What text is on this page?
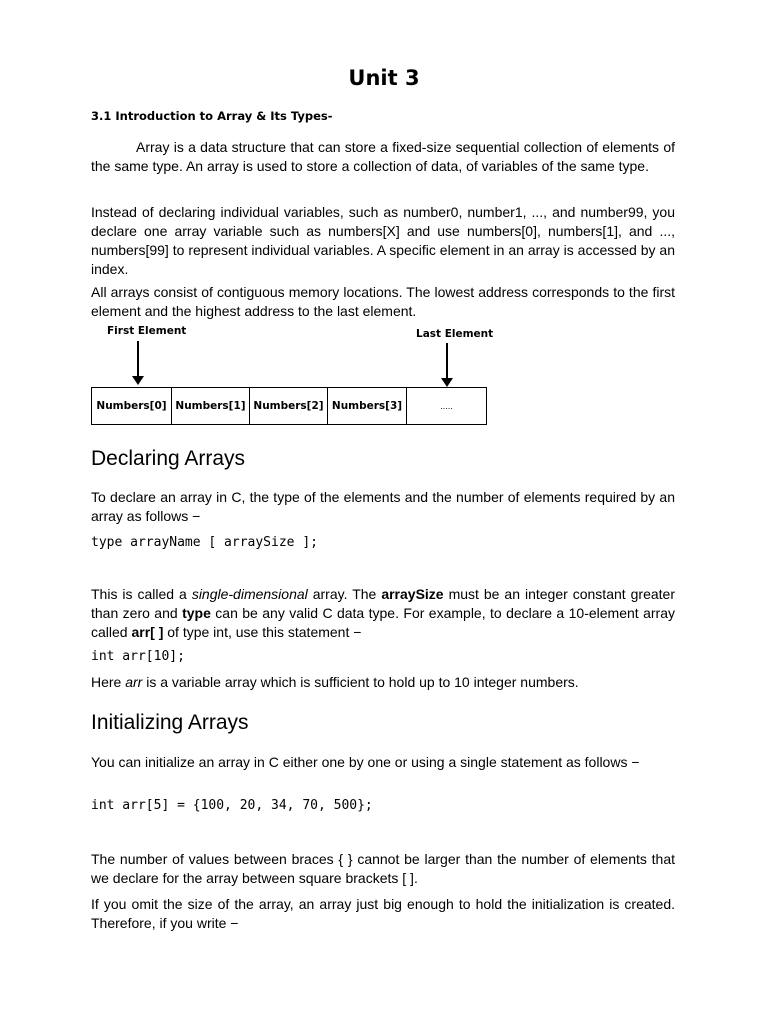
Unit 3
3.1 Introduction to Array & Its Types-

Array is a data structure that can store a fixed-size sequential collection of elements of the same type. An array is used to store a collection of data, of variables of the same type.

Instead of declaring individual variables, such as number0, number1, ..., and number99, you declare one array variable such as numbers[X] and use numbers[0], numbers[1], and ..., numbers[99] to represent individual variables. A specific element in an array is accessed by an index.

All arrays consist of contiguous memory locations. The lowest address corresponds to the first element and the highest address to the last element.

First Element	Last Element
Numbers[0] Numbers[1] Numbers[2] Numbers[3]	.....
Declaring Arrays

To declare an array in C, the type of the elements and the number of elements required by an array as follows −

type arrayName [ arraySize ];

This is called a single-dimensional array. The arraySize must be an integer constant greater than zero and type can be any valid C data type. For example, to declare a 10-element array called arr[ ] of type int, use this statement −

int arr[10];

Here arr is a variable array which is sufficient to hold up to 10 integer numbers.

Initializing Arrays

You can initialize an array in C either one by one or using a single statement as follows −

int arr[5] = {100, 20, 34, 70, 500};

The number of values between braces { } cannot be larger than the number of elements that we declare for the array between square brackets [ ].

If you omit the size of the array, an array just big enough to hold the initialization is created. Therefore, if you write −
